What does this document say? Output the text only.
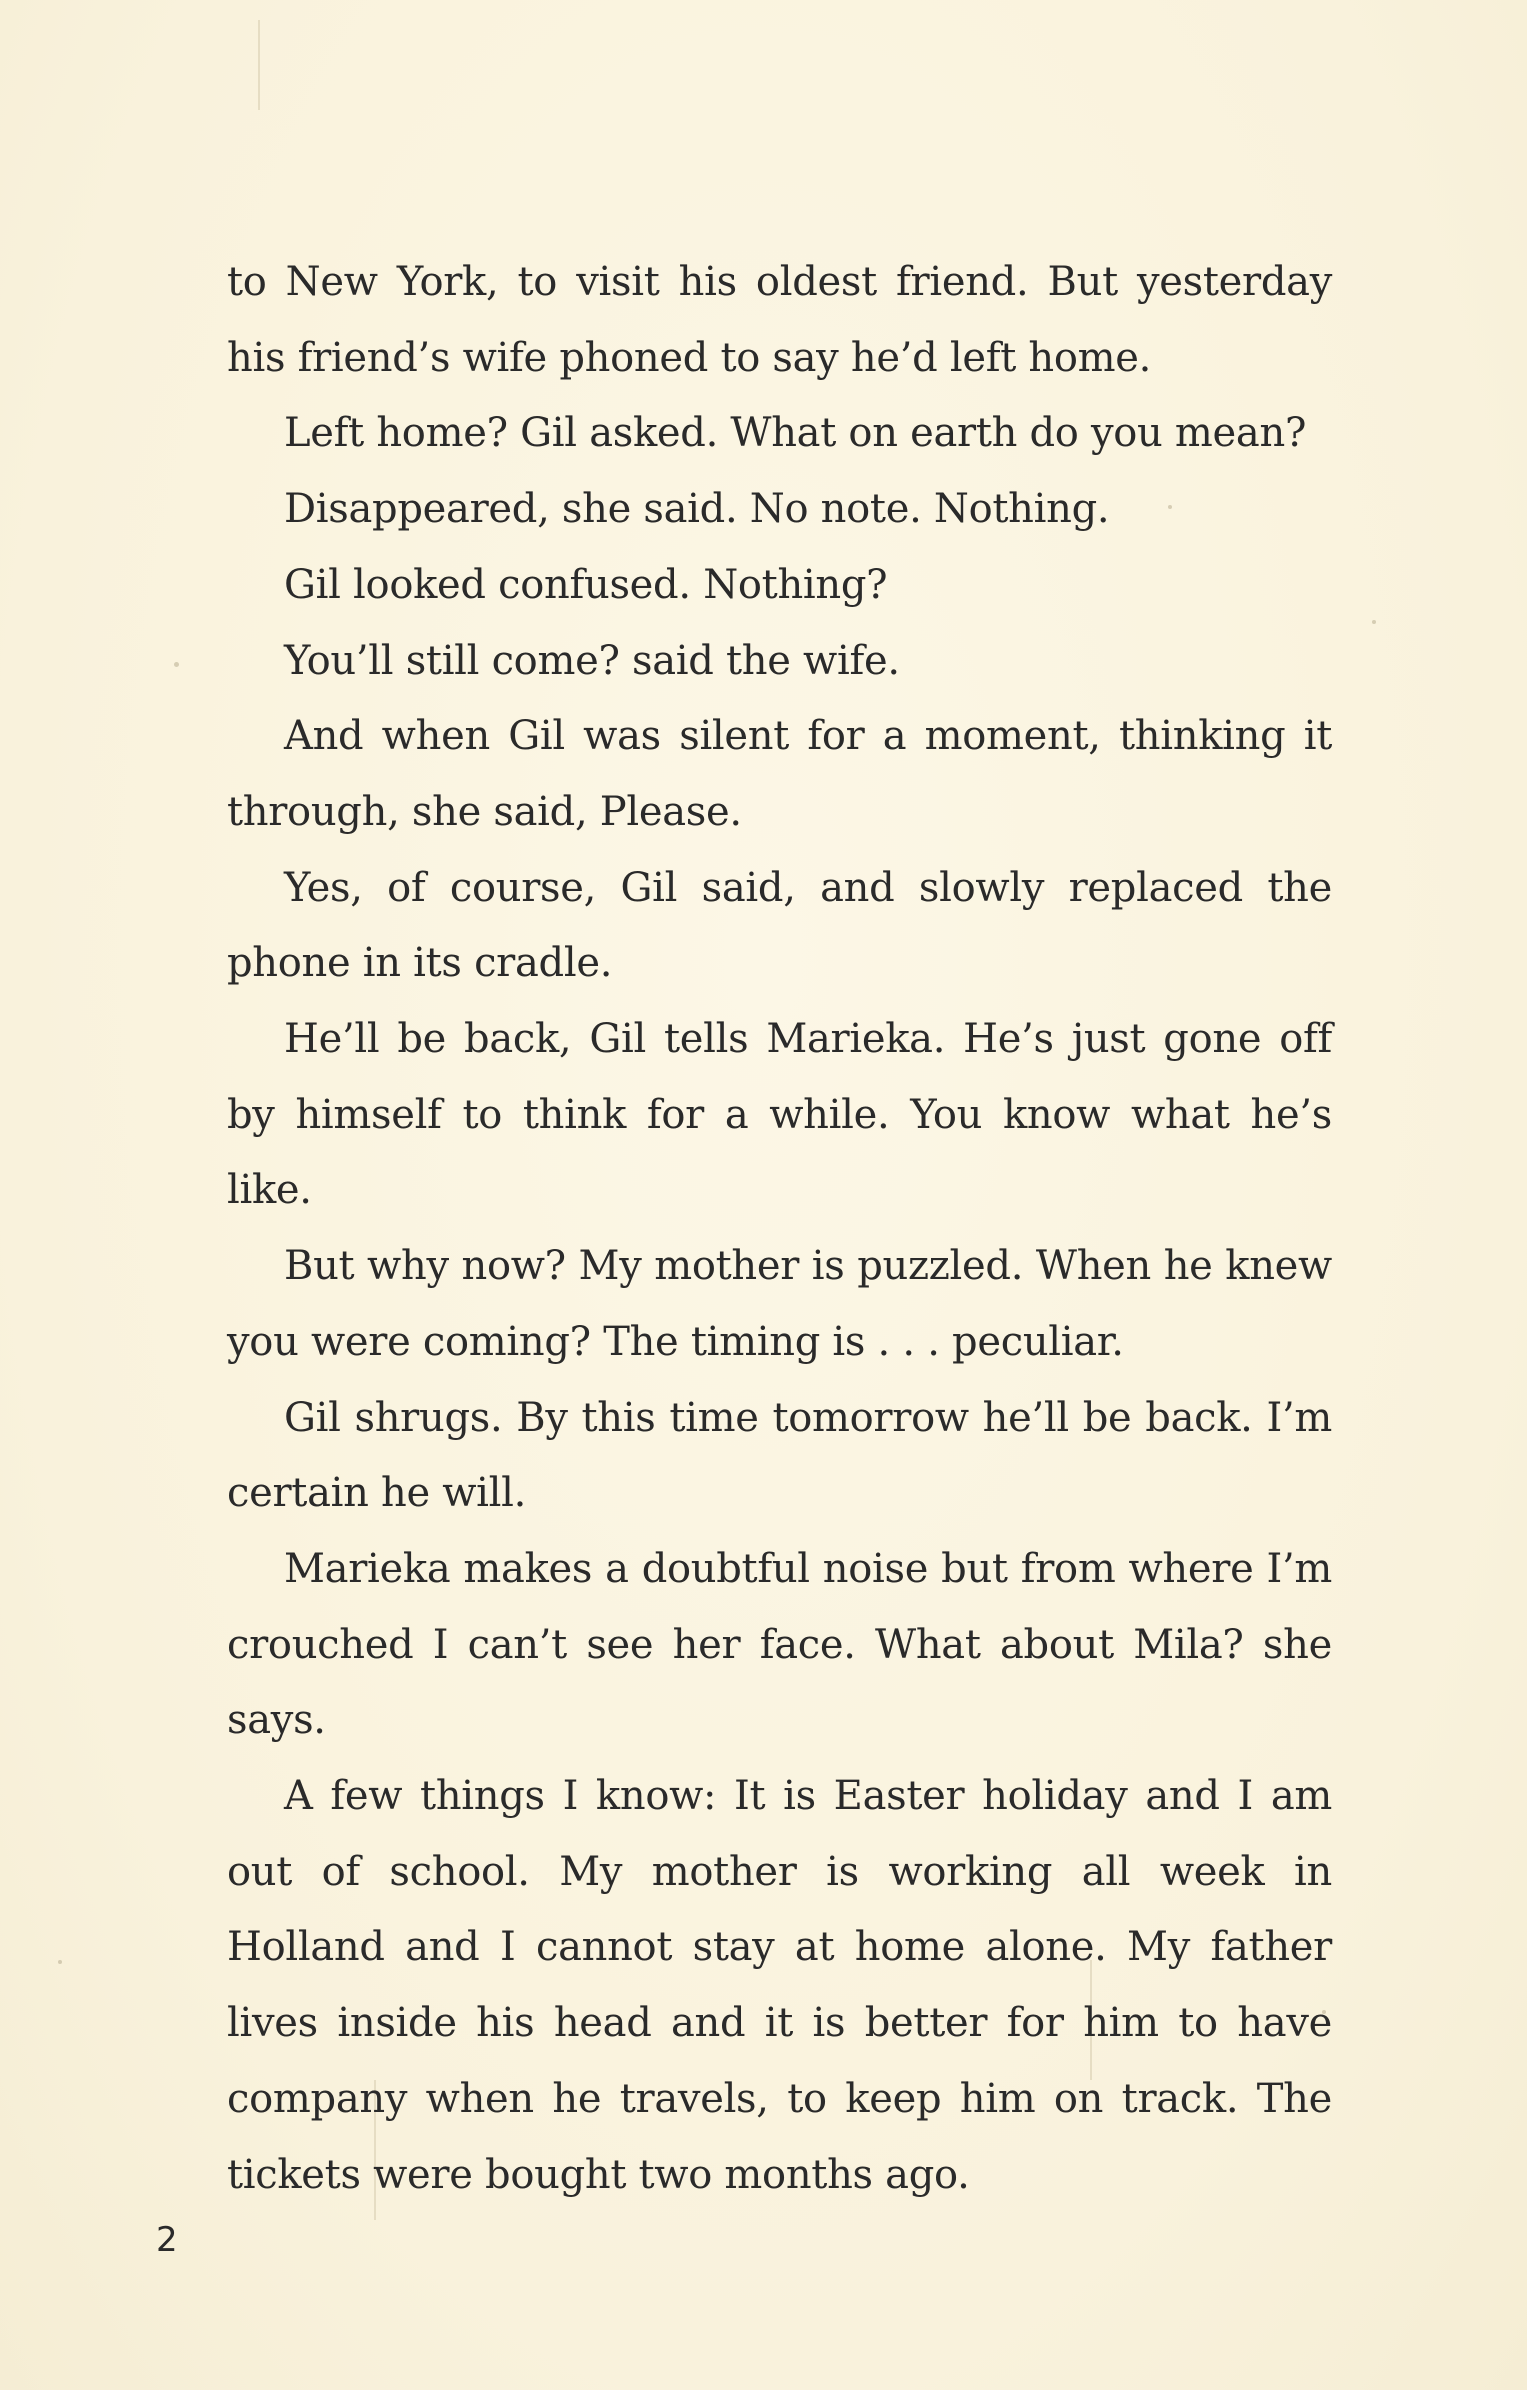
to New York, to visit his oldest friend. But yesterday his friend’s wife phoned to say he’d left home.

Left home? Gil asked. What on earth do you mean?

Disappeared, she said. No note. Nothing.

Gil looked confused. Nothing?

You’ll still come? said the wife.

And when Gil was silent for a moment, thinking it through, she said, Please.

Yes, of course, Gil said, and slowly replaced the phone in its cradle.

He’ll be back, Gil tells Marieka. He’s just gone off by himself to think for a while. You know what he’s like.

But why now? My mother is puzzled. When he knew you were coming? The timing is . . . peculiar.

Gil shrugs. By this time tomorrow he’ll be back. I’m certain he will.

Marieka makes a doubtful noise but from where I’m crouched I can’t see her face. What about Mila? she says.

A few things I know: It is Easter holiday and I am out of school. My mother is working all week in Holland and I cannot stay at home alone. My father lives inside his head and it is better for him to have company when he travels, to keep him on track. The tickets were bought two months ago.

2
